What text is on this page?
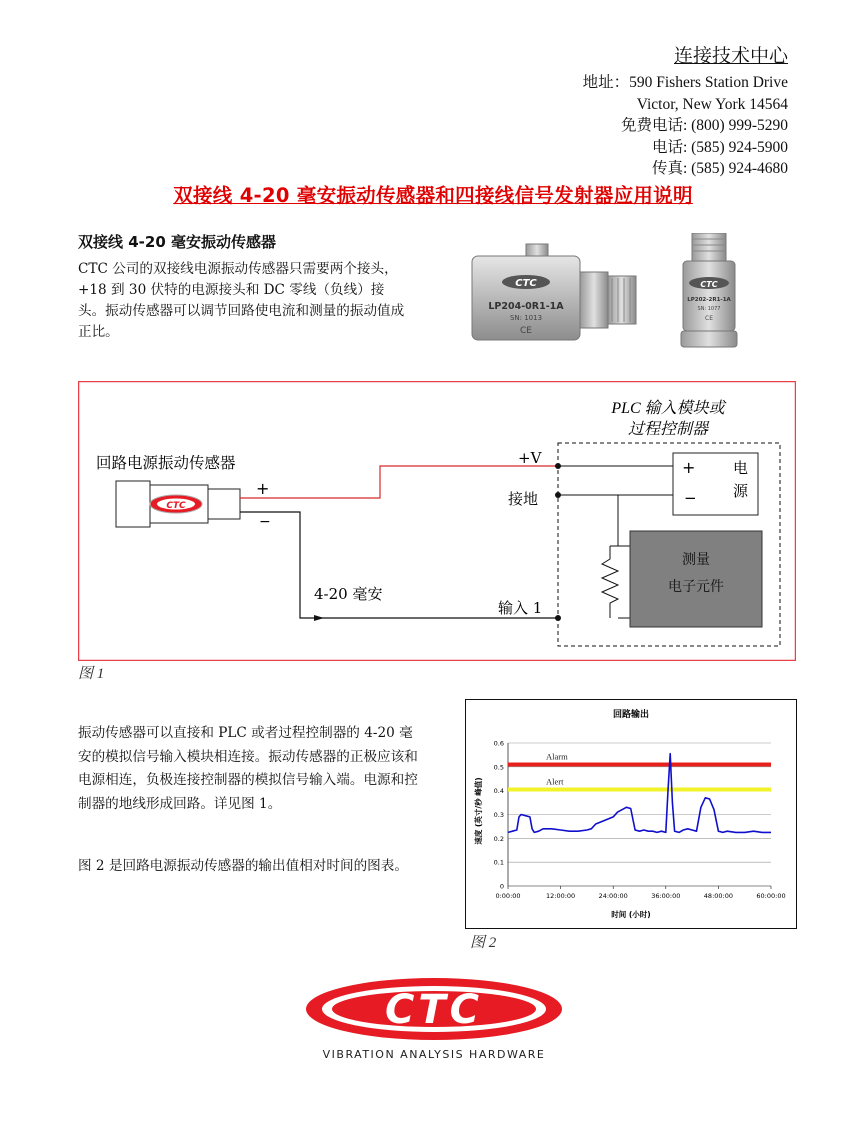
连接技术中心
地址：590 Fishers Station Drive
Victor, New York 14564
免费电话: (800) 999-5290
电话: (585) 924-5900
传真: (585) 924-4680
双接线 4-20 毫安振动传感器和四接线信号发射器应用说明
双接线 4-20 毫安振动传感器
CTC 公司的双接线电源振动传感器只需要两个接头，+18 到 30 伏特的电源接头和 DC 零线（负线）接头。振动传感器可以调节回路使电流和测量的振动值成正比。
CTC
LP204-0R1-1A
SN: 1013
CE
CTC
LP202-2R1-1A
SN: 1077
CE
回路电源振动传感器
CTC
+
−
4-20 毫安
PLC 输入模块或
过程控制器
+V
接地
输入 1
+
−
电
源
测量
电子元件
图 1
振动传感器可以直接和 PLC 或者过程控制器的 4-20 毫安的模拟信号输入模块相连接。振动传感器的正极应该和电源相连，负极连接控制器的模拟信号输入端。电源和控制器的地线形成回路。详见图 1。
图 2 是回路电源振动传感器的输出值相对时间的图表。
回路输出
Alarm
Alert
0
0.1
0.2
0.3
0.4
0.5
0.6
0:00:00	12:00:00	24:00:00	36:00:00	48:00:00	60:00:00
时间 (小时)
速度 (英寸/秒 峰值)
图 2
CTC
VIBRATION ANALYSIS HARDWARE
